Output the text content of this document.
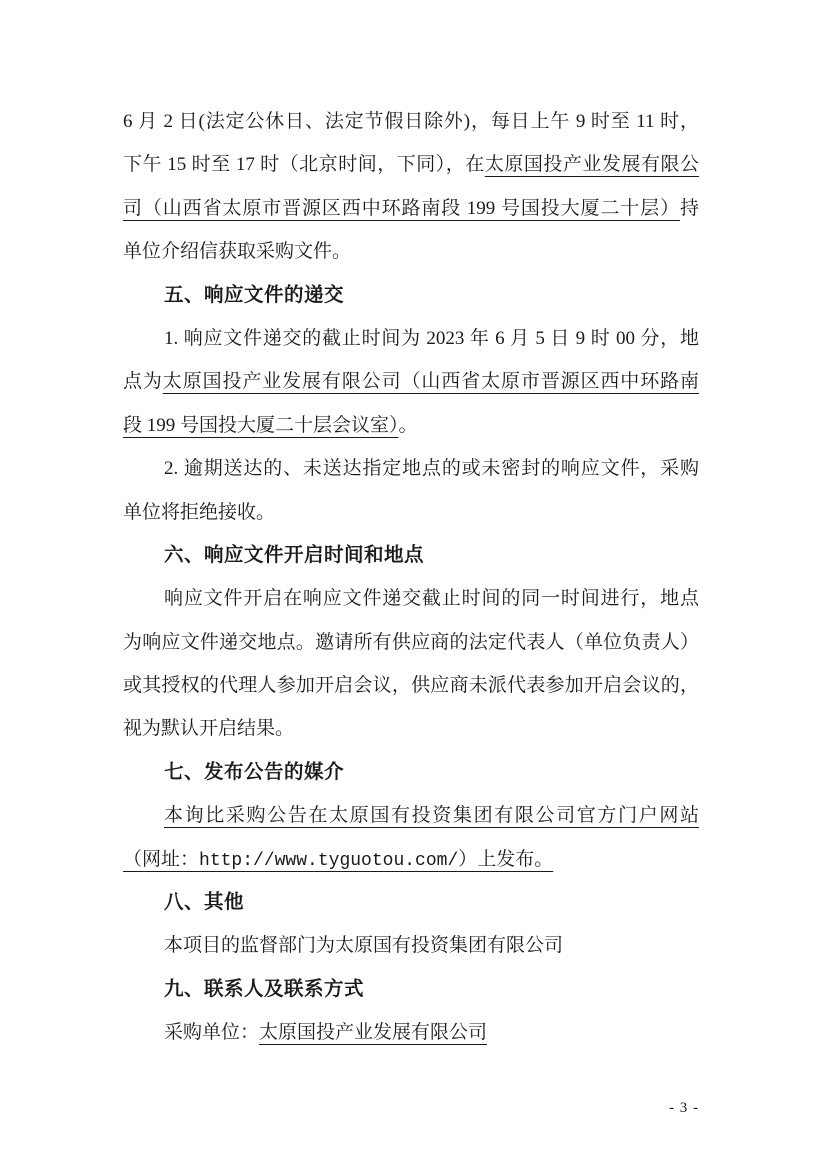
6 月 2 日(法定公休日、法定节假日除外)，每日上午 9 时至 11 时，
下午 15 时至 17 时（北京时间，下同），在太原国投产业发展有限公
司（山西省太原市晋源区西中环路南段 199 号国投大厦二十层）持
单位介绍信获取采购文件。
五、响应文件的递交
1. 响应文件递交的截止时间为 2023 年 6 月 5 日 9 时 00 分，地
点为太原国投产业发展有限公司（山西省太原市晋源区西中环路南
段 199 号国投大厦二十层会议室）。
2. 逾期送达的、未送达指定地点的或未密封的响应文件，采购
单位将拒绝接收。
六、响应文件开启时间和地点
响应文件开启在响应文件递交截止时间的同一时间进行，地点
为响应文件递交地点。邀请所有供应商的法定代表人（单位负责人）
或其授权的代理人参加开启会议，供应商未派代表参加开启会议的，
视为默认开启结果。
七、发布公告的媒介
本询比采购公告在太原国有投资集团有限公司官方门户网站
（网址：http://www.tyguotou.com/）上发布。
八、其他
本项目的监督部门为太原国有投资集团有限公司
九、联系人及联系方式
采购单位：太原国投产业发展有限公司
- 3 -
